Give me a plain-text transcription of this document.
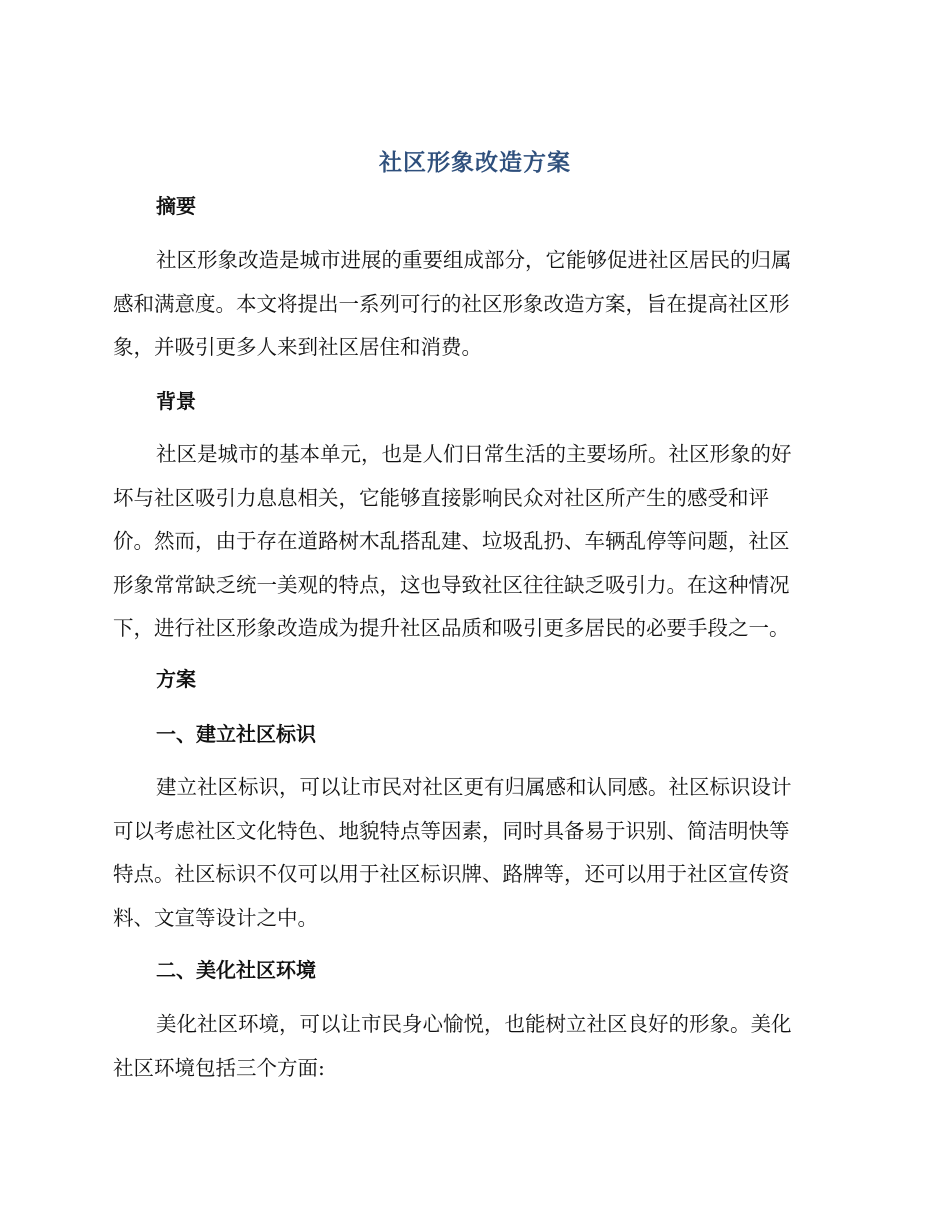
社区形象改造方案
摘要
社区形象改造是城市进展的重要组成部分，它能够促进社区居民的归属
感和满意度。本文将提出一系列可行的社区形象改造方案，旨在提高社区形
象，并吸引更多人来到社区居住和消费。
背景
社区是城市的基本单元，也是人们日常生活的主要场所。社区形象的好
坏与社区吸引力息息相关，它能够直接影响民众对社区所产生的感受和评
价。然而，由于存在道路树木乱搭乱建、垃圾乱扔、车辆乱停等问题，社区
形象常常缺乏统一美观的特点，这也导致社区往往缺乏吸引力。在这种情况
下，进行社区形象改造成为提升社区品质和吸引更多居民的必要手段之一。
方案
一、建立社区标识
建立社区标识，可以让市民对社区更有归属感和认同感。社区标识设计
可以考虑社区文化特色、地貌特点等因素，同时具备易于识别、简洁明快等
特点。社区标识不仅可以用于社区标识牌、路牌等，还可以用于社区宣传资
料、文宣等设计之中。
二、美化社区环境
美化社区环境，可以让市民身心愉悦，也能树立社区良好的形象。美化
社区环境包括三个方面:
